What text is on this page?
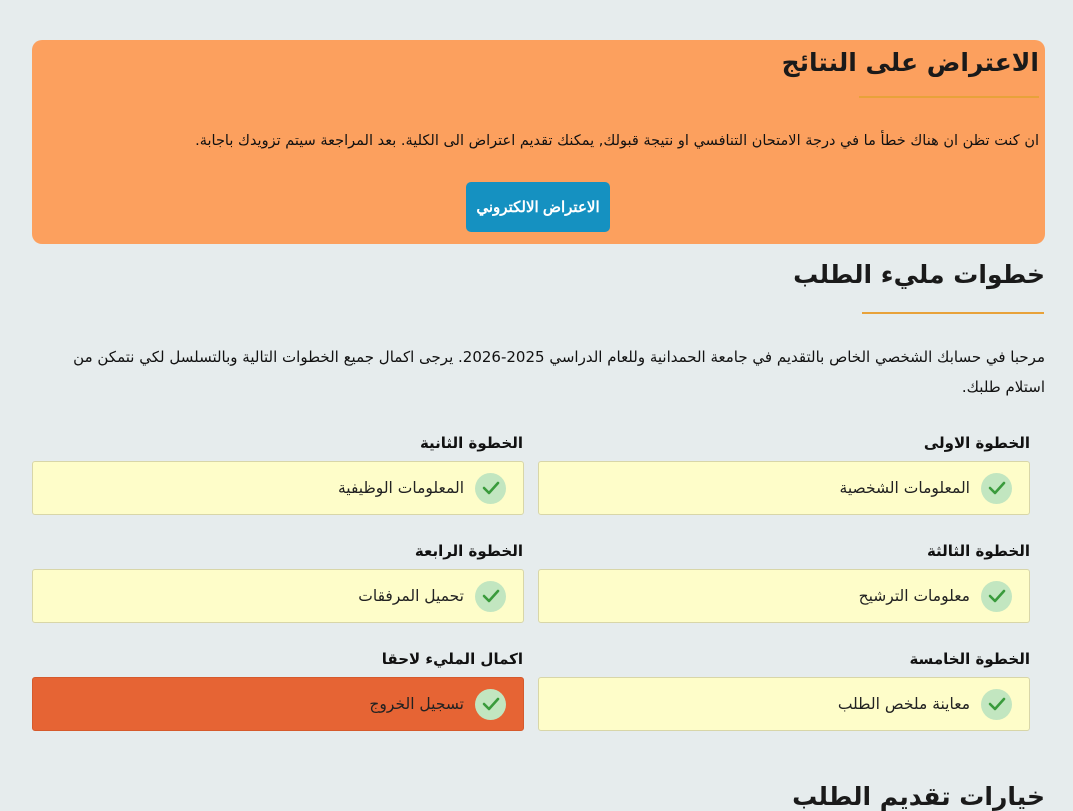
الاعتراض على النتائج

ان كنت تظن ان هناك خطأ ما في درجة الامتحان التنافسي او نتيجة قبولك, يمكنك تقديم اعتراض الى الكلية. بعد المراجعة سيتم تزويدك باجابة.

الاعتراض الالكتروني
خطوات مليء الطلب

مرحبا في حسابك الشخصي الخاص بالتقديم في جامعة الحمدانية وللعام الدراسي 2025-2026. يرجى اكمال جميع الخطوات التالية وبالتسلسل لكي نتمكن من استلام طلبك.

الخطوة الاولى
المعلومات الشخصية
الخطوة الثانية
المعلومات الوظيفية
الخطوة الثالثة
معلومات الترشيح
الخطوة الرابعة
تحميل المرفقات
الخطوة الخامسة
معاينة ملخص الطلب
اكمال المليء لاحقا
تسجيل الخروج
خيارات تقديم الطلب
